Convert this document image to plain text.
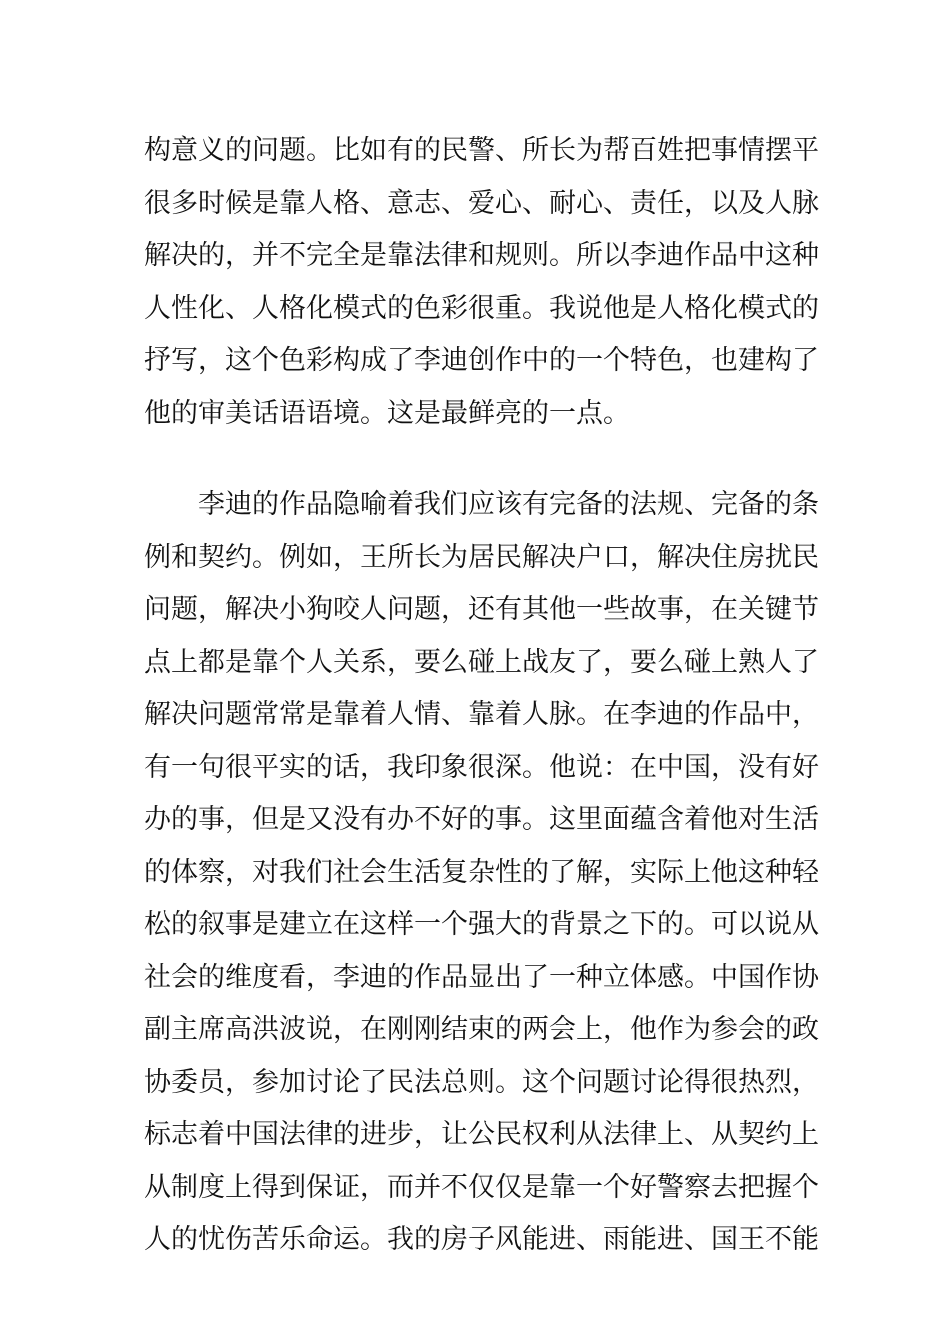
构意义的问题。比如有的民警、所长为帮百姓把事情摆平
很多时候是靠人格、意志、爱心、耐心、责任，以及人脉
解决的，并不完全是靠法律和规则。所以李迪作品中这种
人性化、人格化模式的色彩很重。我说他是人格化模式的
抒写，这个色彩构成了李迪创作中的一个特色，也建构了
他的审美话语语境。这是最鲜亮的一点。
李迪的作品隐喻着我们应该有完备的法规、完备的条
例和契约。例如，王所长为居民解决户口，解决住房扰民
问题，解决小狗咬人问题，还有其他一些故事，在关键节
点上都是靠个人关系，要么碰上战友了，要么碰上熟人了
解决问题常常是靠着人情、靠着人脉。在李迪的作品中，
有一句很平实的话，我印象很深。他说：在中国，没有好
办的事，但是又没有办不好的事。这里面蕴含着他对生活
的体察，对我们社会生活复杂性的了解，实际上他这种轻
松的叙事是建立在这样一个强大的背景之下的。可以说从
社会的维度看，李迪的作品显出了一种立体感。中国作协
副主席高洪波说，在刚刚结束的两会上，他作为参会的政
协委员，参加讨论了民法总则。这个问题讨论得很热烈，
标志着中国法律的进步，让公民权利从法律上、从契约上
从制度上得到保证，而并不仅仅是靠一个好警察去把握个
人的忧伤苦乐命运。我的房子风能进、雨能进、国王不能
